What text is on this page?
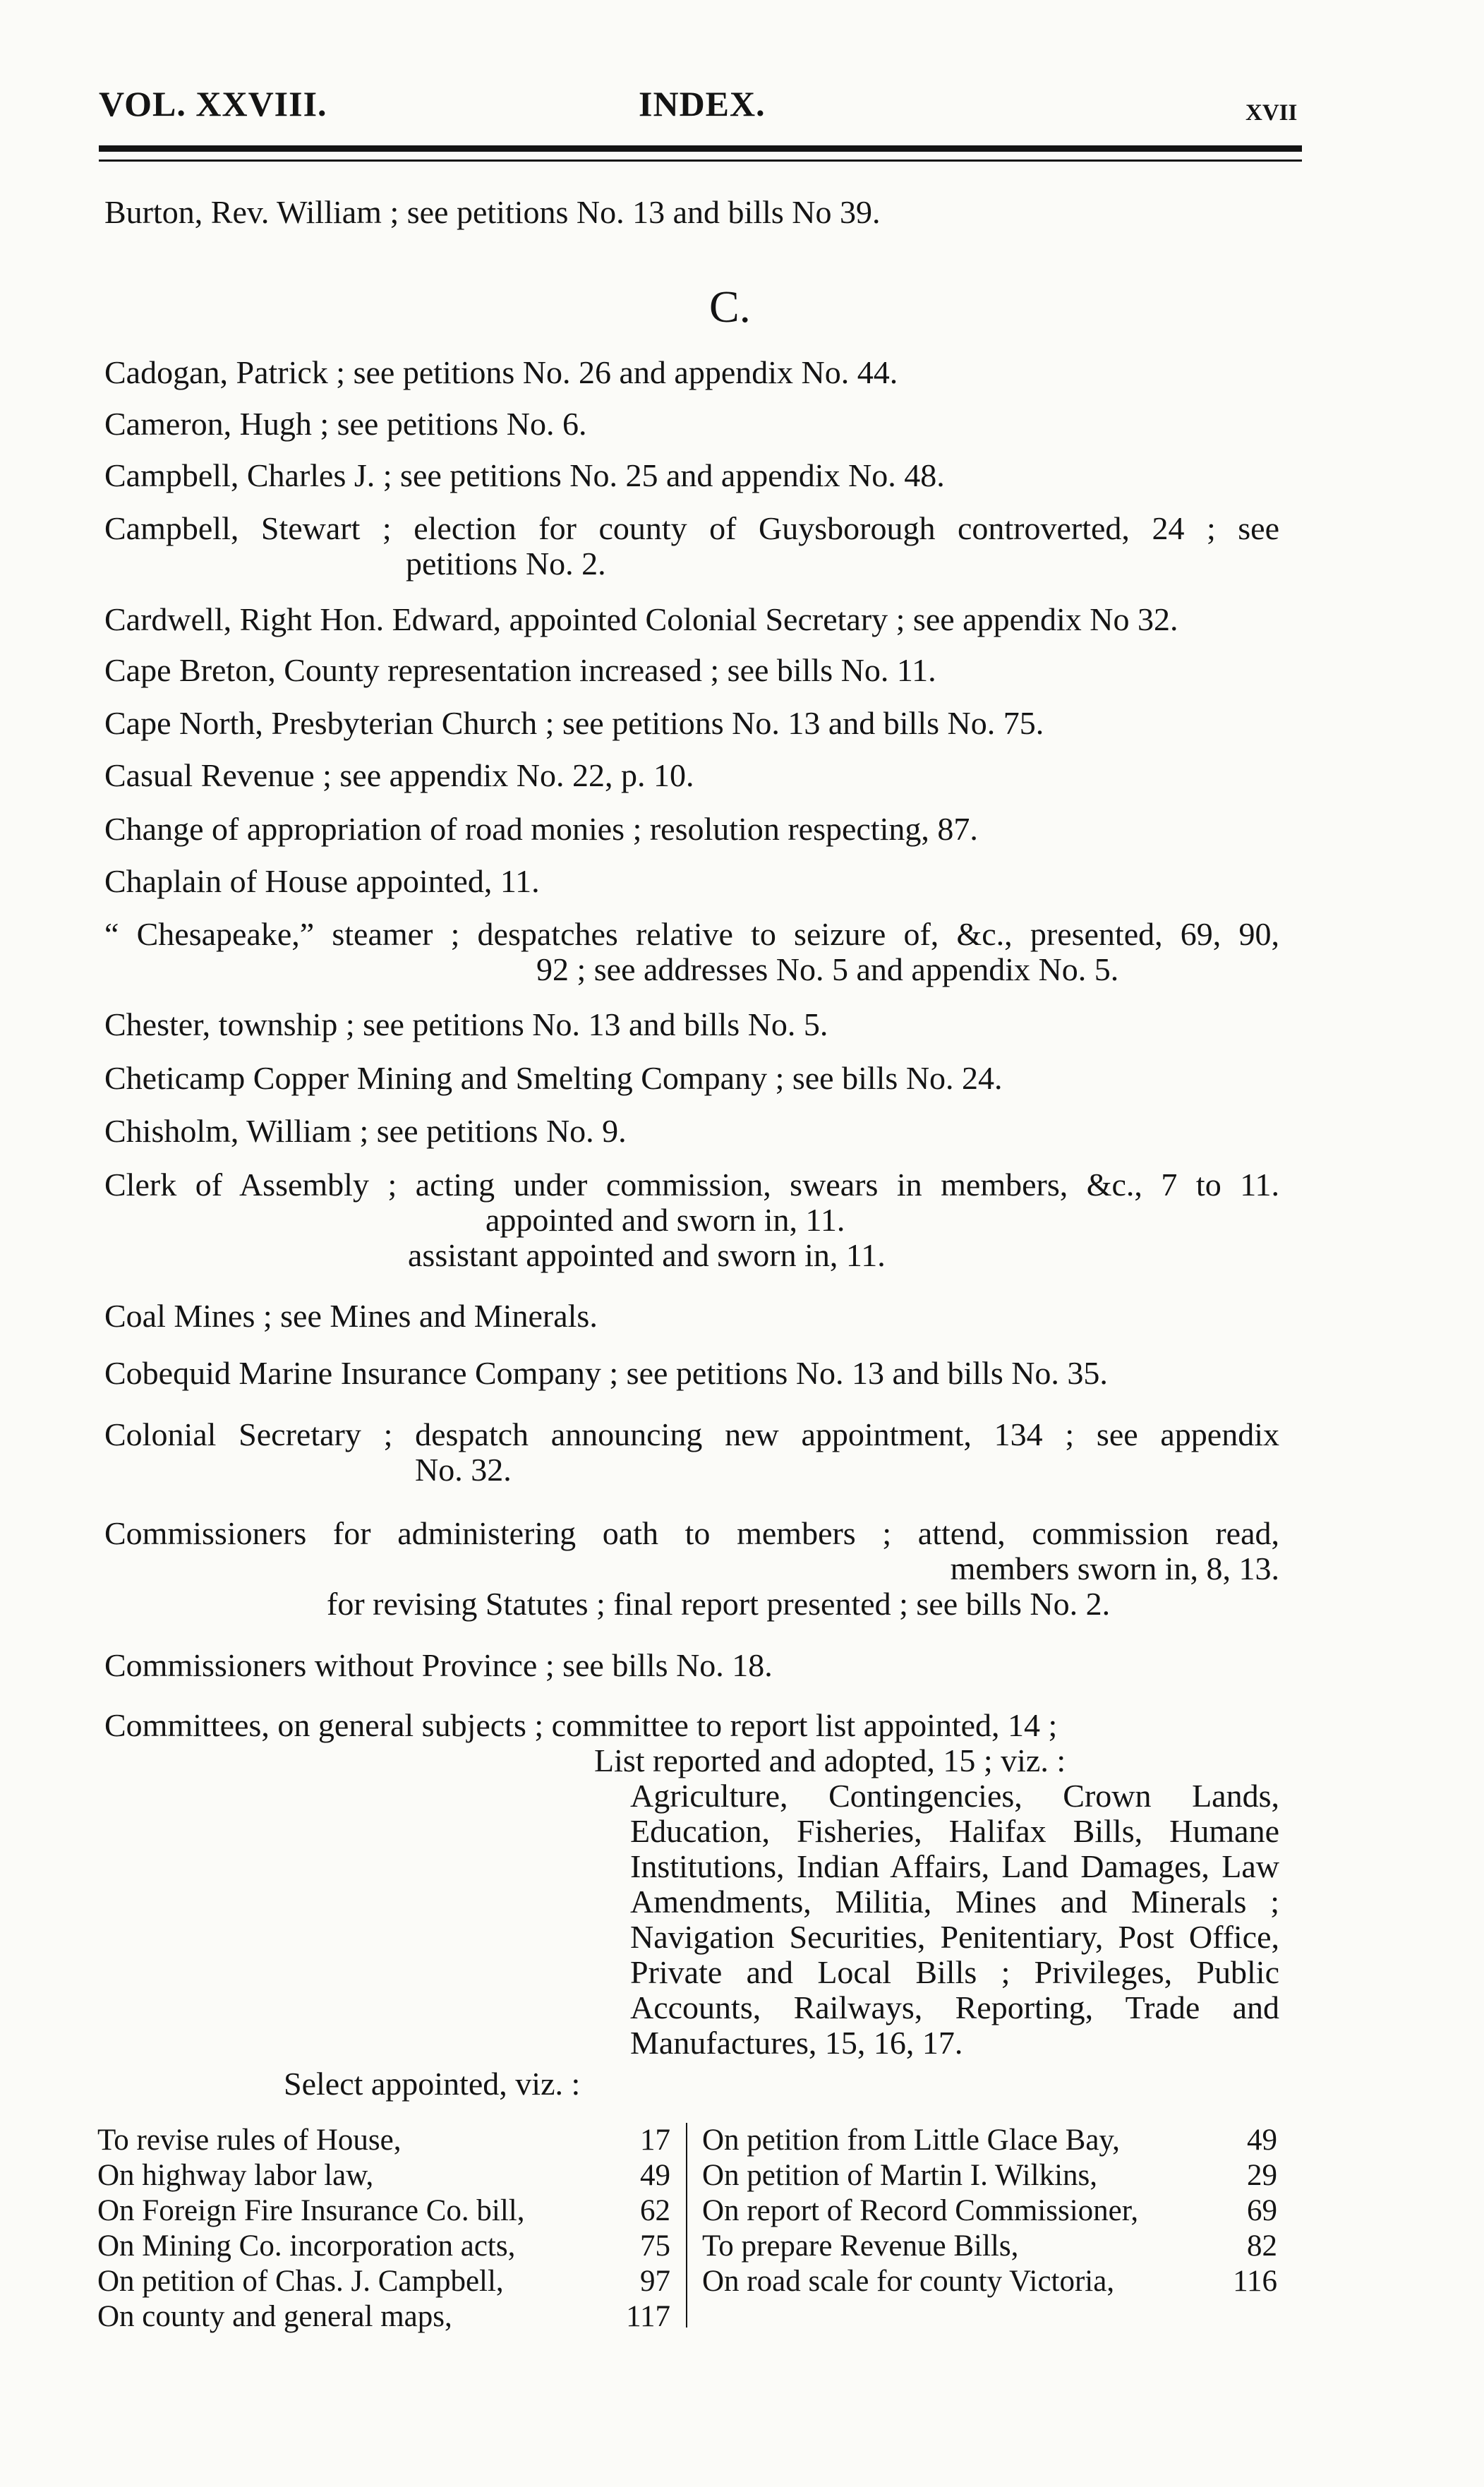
VOL. XXVIII.	INDEX.	XVII
Burton, Rev. William ; see petitions No. 13 and bills No 39.
C.
Cadogan, Patrick ; see petitions No. 26 and appendix No. 44.
Cameron, Hugh ; see petitions No. 6.
Campbell, Charles J. ; see petitions No. 25 and appendix No. 48.
Campbell, Stewart ; election for county of Guysborough controverted, 24 ; see
petitions No. 2.
Cardwell, Right Hon. Edward, appointed Colonial Secretary ; see appendix No 32.
Cape Breton, County representation increased ; see bills No. 11.
Cape North, Presbyterian Church ; see petitions No. 13 and bills No. 75.
Casual Revenue ; see appendix No. 22, p. 10.
Change of appropriation of road monies ; resolution respecting, 87.
Chaplain of House appointed, 11.
“ Chesapeake,” steamer ; despatches relative to seizure of, &c., presented, 69, 90,
92 ; see addresses No. 5 and appendix No. 5.
Chester, township ; see petitions No. 13 and bills No. 5.
Cheticamp Copper Mining and Smelting Company ; see bills No. 24.
Chisholm, William ; see petitions No. 9.
Clerk of Assembly ; acting under commission, swears in members, &c., 7 to 11.
appointed and sworn in, 11.
assistant appointed and sworn in, 11.
Coal Mines ; see Mines and Minerals.
Cobequid Marine Insurance Company ; see petitions No. 13 and bills No. 35.
Colonial Secretary ; despatch announcing new appointment, 134 ; see appendix
No. 32.
Commissioners for administering oath to members ; attend, commission read,
members sworn in, 8, 13.
for revising Statutes ; final report presented ; see bills No. 2.
Commissioners without Province ; see bills No. 18.
Committees, on general subjects ; committee to report list appointed, 14 ;
List reported and adopted, 15 ; viz. :
Agriculture, Contingencies, Crown Lands, Education, Fisheries, Halifax Bills, Humane Institutions, Indian Affairs, Land Damages, Law Amendments, Militia, Mines and Minerals ; Navigation Securities, Penitentiary, Post Office, Private and Local Bills ; Privileges, Public Accounts, Railways, Reporting, Trade and Manufactures, 15, 16, 17.
Select appointed, viz. :
To revise rules of House,	17
On highway labor law,	49
On Foreign Fire Insurance Co. bill,	62
On Mining Co. incorporation acts,	75
On petition of Chas. J. Campbell,	97
On county and general maps,	117
On petition from Little Glace Bay,	49
On petition of Martin I. Wilkins,	29
On report of Record Commissioner,	69
To prepare Revenue Bills,	82
On road scale for county Victoria,	116
